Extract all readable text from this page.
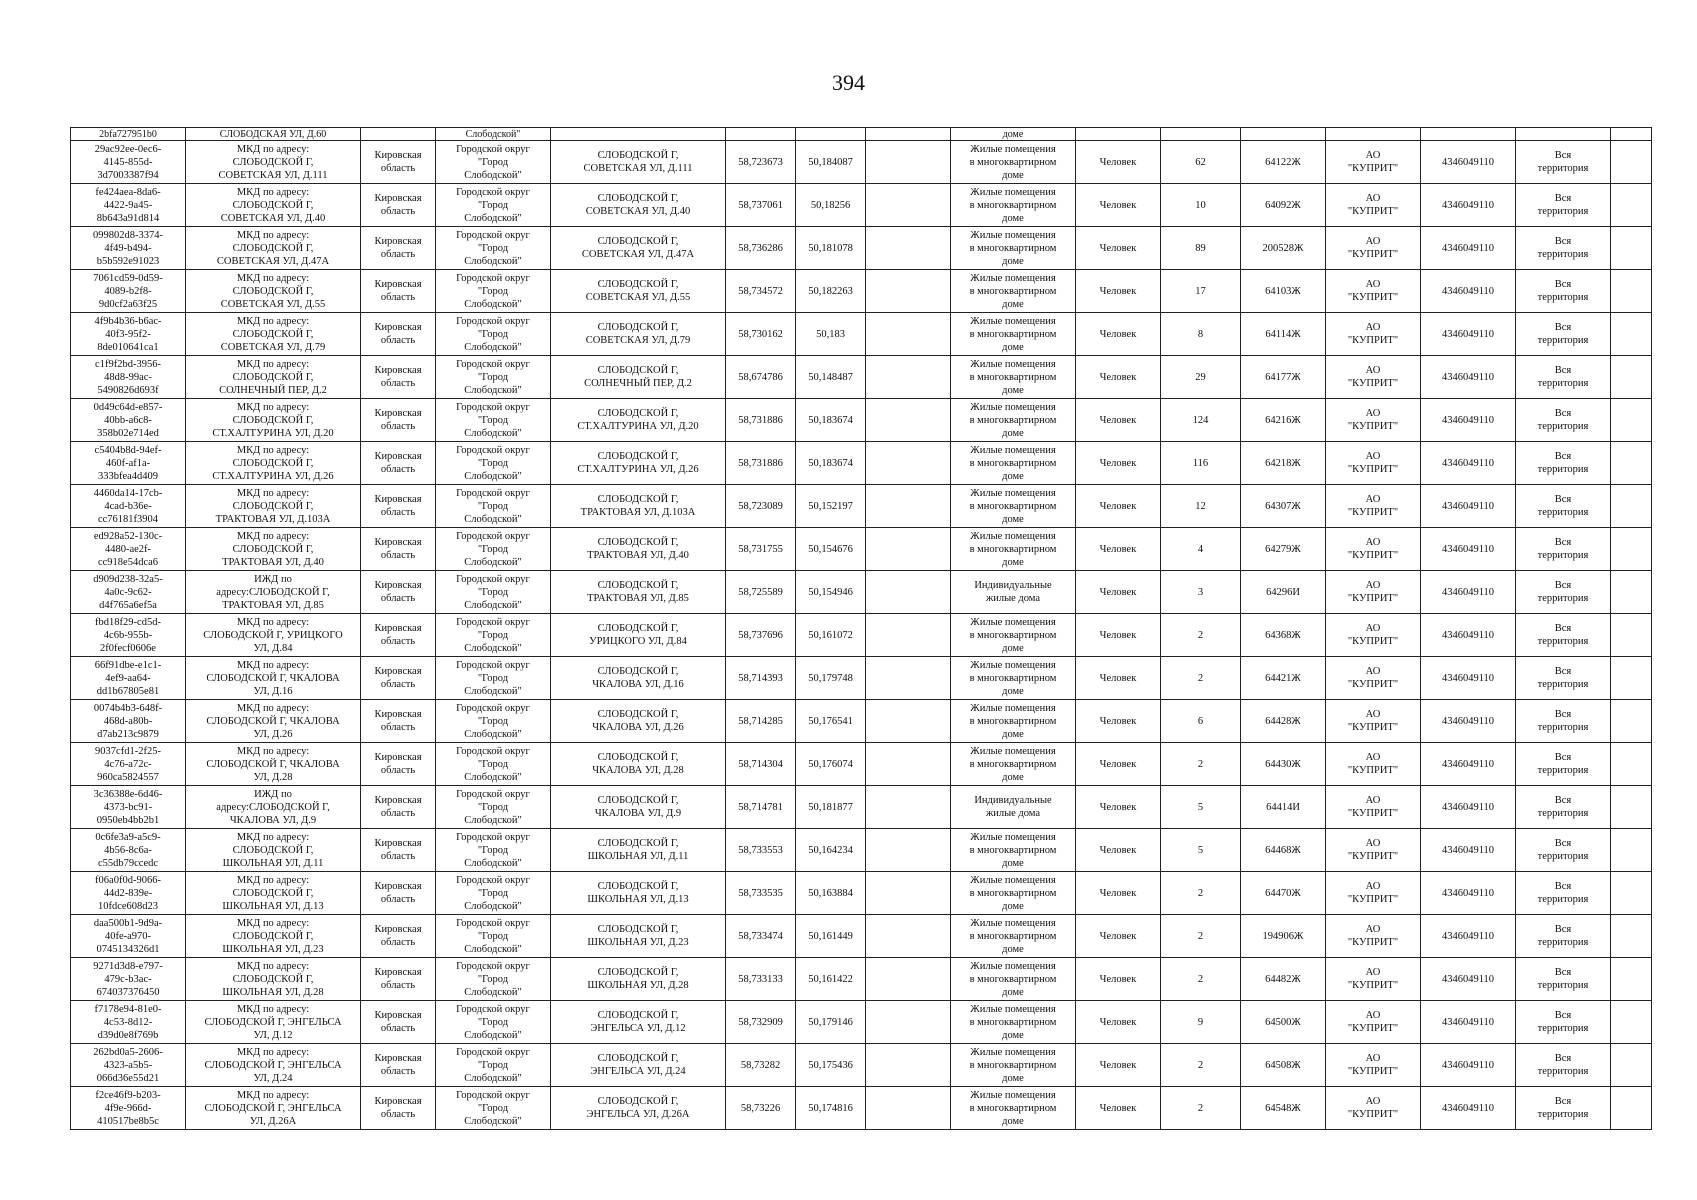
394
2bfa727951b0	СЛОБОДСКАЯ УЛ, Д.60		Слободской"					доме							

29ac92ee-0ec6-
4145-855d-
3d7003387f94	МКД по адресу:
СЛОБОДСКОЙ Г,
СОВЕТСКАЯ УЛ, Д.111	Кировская
область	Городской округ
"Город
Слободской"	СЛОБОДСКОЙ Г,
СОВЕТСКАЯ УЛ, Д.111	58,723673	50,184087		Жилые помещения
в многоквартирном
доме	Человек	62	64122Ж	АО
"КУПРИТ"	4346049110	Вся
территория	

fe424aea-8da6-
4422-9a45-
8b643a91d814	МКД по адресу:
СЛОБОДСКОЙ Г,
СОВЕТСКАЯ УЛ, Д.40	Кировская
область	Городской округ
"Город
Слободской"	СЛОБОДСКОЙ Г,
СОВЕТСКАЯ УЛ, Д.40	58,737061	50,18256		Жилые помещения
в многоквартирном
доме	Человек	10	64092Ж	АО
"КУПРИТ"	4346049110	Вся
территория	

099802d8-3374-
4f49-b494-
b5b592e91023	МКД по адресу:
СЛОБОДСКОЙ Г,
СОВЕТСКАЯ УЛ, Д.47А	Кировская
область	Городской округ
"Город
Слободской"	СЛОБОДСКОЙ Г,
СОВЕТСКАЯ УЛ, Д.47А	58,736286	50,181078		Жилые помещения
в многоквартирном
доме	Человек	89	200528Ж	АО
"КУПРИТ"	4346049110	Вся
территория	

7061cd59-0d59-
4089-b2f8-
9d0cf2a63f25	МКД по адресу:
СЛОБОДСКОЙ Г,
СОВЕТСКАЯ УЛ, Д.55	Кировская
область	Городской округ
"Город
Слободской"	СЛОБОДСКОЙ Г,
СОВЕТСКАЯ УЛ, Д.55	58,734572	50,182263		Жилые помещения
в многоквартирном
доме	Человек	17	64103Ж	АО
"КУПРИТ"	4346049110	Вся
территория	

4f9b4b36-b6ac-
40f3-95f2-
8de010641ca1	МКД по адресу:
СЛОБОДСКОЙ Г,
СОВЕТСКАЯ УЛ, Д.79	Кировская
область	Городской округ
"Город
Слободской"	СЛОБОДСКОЙ Г,
СОВЕТСКАЯ УЛ, Д.79	58,730162	50,183		Жилые помещения
в многоквартирном
доме	Человек	8	64114Ж	АО
"КУПРИТ"	4346049110	Вся
территория	

c1f9f2bd-3956-
48d8-99ac-
5490826d693f	МКД по адресу:
СЛОБОДСКОЙ Г,
СОЛНЕЧНЫЙ ПЕР, Д.2	Кировская
область	Городской округ
"Город
Слободской"	СЛОБОДСКОЙ Г,
СОЛНЕЧНЫЙ ПЕР, Д.2	58,674786	50,148487		Жилые помещения
в многоквартирном
доме	Человек	29	64177Ж	АО
"КУПРИТ"	4346049110	Вся
территория	

0d49c64d-e857-
40bb-a6c8-
358b02e714ed	МКД по адресу:
СЛОБОДСКОЙ Г,
СТ.ХАЛТУРИНА УЛ, Д.20	Кировская
область	Городской округ
"Город
Слободской"	СЛОБОДСКОЙ Г,
СТ.ХАЛТУРИНА УЛ, Д.20	58,731886	50,183674		Жилые помещения
в многоквартирном
доме	Человек	124	64216Ж	АО
"КУПРИТ"	4346049110	Вся
территория	

c5404b8d-94ef-
460f-af1a-
333bfea4d409	МКД по адресу:
СЛОБОДСКОЙ Г,
СТ.ХАЛТУРИНА УЛ, Д.26	Кировская
область	Городской округ
"Город
Слободской"	СЛОБОДСКОЙ Г,
СТ.ХАЛТУРИНА УЛ, Д.26	58,731886	50,183674		Жилые помещения
в многоквартирном
доме	Человек	116	64218Ж	АО
"КУПРИТ"	4346049110	Вся
территория	

4460da14-17cb-
4cad-b36e-
cc76181f3904	МКД по адресу:
СЛОБОДСКОЙ Г,
ТРАКТОВАЯ УЛ, Д.103А	Кировская
область	Городской округ
"Город
Слободской"	СЛОБОДСКОЙ Г,
ТРАКТОВАЯ УЛ, Д.103А	58,723089	50,152197		Жилые помещения
в многоквартирном
доме	Человек	12	64307Ж	АО
"КУПРИТ"	4346049110	Вся
территория	

ed928a52-130c-
4480-ae2f-
cc918e54dca6	МКД по адресу:
СЛОБОДСКОЙ Г,
ТРАКТОВАЯ УЛ, Д.40	Кировская
область	Городской округ
"Город
Слободской"	СЛОБОДСКОЙ Г,
ТРАКТОВАЯ УЛ, Д.40	58,731755	50,154676		Жилые помещения
в многоквартирном
доме	Человек	4	64279Ж	АО
"КУПРИТ"	4346049110	Вся
территория	

d909d238-32a5-
4a0c-9c62-
d4f765a6ef5a	ИЖД по
адресу:СЛОБОДСКОЙ Г,
ТРАКТОВАЯ УЛ, Д.85	Кировская
область	Городской округ
"Город
Слободской"	СЛОБОДСКОЙ Г,
ТРАКТОВАЯ УЛ, Д.85	58,725589	50,154946		Индивидуальные
жилые дома	Человек	3	64296И	АО
"КУПРИТ"	4346049110	Вся
территория	

fbd18f29-cd5d-
4c6b-955b-
2f0fecf0606e	МКД по адресу:
СЛОБОДСКОЙ Г, УРИЦКОГО
УЛ, Д.84	Кировская
область	Городской округ
"Город
Слободской"	СЛОБОДСКОЙ Г,
УРИЦКОГО УЛ, Д.84	58,737696	50,161072		Жилые помещения
в многоквартирном
доме	Человек	2	64368Ж	АО
"КУПРИТ"	4346049110	Вся
территория	

66f91dbe-e1c1-
4ef9-aa64-
dd1b67805e81	МКД по адресу:
СЛОБОДСКОЙ Г, ЧКАЛОВА
УЛ, Д.16	Кировская
область	Городской округ
"Город
Слободской"	СЛОБОДСКОЙ Г,
ЧКАЛОВА УЛ, Д.16	58,714393	50,179748		Жилые помещения
в многоквартирном
доме	Человек	2	64421Ж	АО
"КУПРИТ"	4346049110	Вся
территория	

0074b4b3-648f-
468d-a80b-
d7ab213c9879	МКД по адресу:
СЛОБОДСКОЙ Г, ЧКАЛОВА
УЛ, Д.26	Кировская
область	Городской округ
"Город
Слободской"	СЛОБОДСКОЙ Г,
ЧКАЛОВА УЛ, Д.26	58,714285	50,176541		Жилые помещения
в многоквартирном
доме	Человек	6	64428Ж	АО
"КУПРИТ"	4346049110	Вся
территория	

9037cfd1-2f25-
4c76-a72c-
960ca5824557	МКД по адресу:
СЛОБОДСКОЙ Г, ЧКАЛОВА
УЛ, Д.28	Кировская
область	Городской округ
"Город
Слободской"	СЛОБОДСКОЙ Г,
ЧКАЛОВА УЛ, Д.28	58,714304	50,176074		Жилые помещения
в многоквартирном
доме	Человек	2	64430Ж	АО
"КУПРИТ"	4346049110	Вся
территория	

3c36388e-6d46-
4373-bc91-
0950eb4bb2b1	ИЖД по
адресу:СЛОБОДСКОЙ Г,
ЧКАЛОВА УЛ, Д.9	Кировская
область	Городской округ
"Город
Слободской"	СЛОБОДСКОЙ Г,
ЧКАЛОВА УЛ, Д.9	58,714781	50,181877		Индивидуальные
жилые дома	Человек	5	64414И	АО
"КУПРИТ"	4346049110	Вся
территория	

0c6fe3a9-a5c9-
4b56-8c6a-
c55db79ccedc	МКД по адресу:
СЛОБОДСКОЙ Г,
ШКОЛЬНАЯ УЛ, Д.11	Кировская
область	Городской округ
"Город
Слободской"	СЛОБОДСКОЙ Г,
ШКОЛЬНАЯ УЛ, Д.11	58,733553	50,164234		Жилые помещения
в многоквартирном
доме	Человек	5	64468Ж	АО
"КУПРИТ"	4346049110	Вся
территория	

f06a0f0d-9066-
44d2-839e-
10fdce608d23	МКД по адресу:
СЛОБОДСКОЙ Г,
ШКОЛЬНАЯ УЛ, Д.13	Кировская
область	Городской округ
"Город
Слободской"	СЛОБОДСКОЙ Г,
ШКОЛЬНАЯ УЛ, Д.13	58,733535	50,163884		Жилые помещения
в многоквартирном
доме	Человек	2	64470Ж	АО
"КУПРИТ"	4346049110	Вся
территория	

daa500b1-9d9a-
40fe-a970-
0745134326d1	МКД по адресу:
СЛОБОДСКОЙ Г,
ШКОЛЬНАЯ УЛ, Д.23	Кировская
область	Городской округ
"Город
Слободской"	СЛОБОДСКОЙ Г,
ШКОЛЬНАЯ УЛ, Д.23	58,733474	50,161449		Жилые помещения
в многоквартирном
доме	Человек	2	194906Ж	АО
"КУПРИТ"	4346049110	Вся
территория	

9271d3d8-e797-
479c-b3ac-
674037376450	МКД по адресу:
СЛОБОДСКОЙ Г,
ШКОЛЬНАЯ УЛ, Д.28	Кировская
область	Городской округ
"Город
Слободской"	СЛОБОДСКОЙ Г,
ШКОЛЬНАЯ УЛ, Д.28	58,733133	50,161422		Жилые помещения
в многоквартирном
доме	Человек	2	64482Ж	АО
"КУПРИТ"	4346049110	Вся
территория	

f7178e94-81e0-
4c53-8d12-
d39d0e8f769b	МКД по адресу:
СЛОБОДСКОЙ Г, ЭНГЕЛЬСА
УЛ, Д.12	Кировская
область	Городской округ
"Город
Слободской"	СЛОБОДСКОЙ Г,
ЭНГЕЛЬСА УЛ, Д.12	58,732909	50,179146		Жилые помещения
в многоквартирном
доме	Человек	9	64500Ж	АО
"КУПРИТ"	4346049110	Вся
территория	

262bd0a5-2606-
4323-a5b5-
066d36e55d21	МКД по адресу:
СЛОБОДСКОЙ Г, ЭНГЕЛЬСА
УЛ, Д.24	Кировская
область	Городской округ
"Город
Слободской"	СЛОБОДСКОЙ Г,
ЭНГЕЛЬСА УЛ, Д.24	58,73282	50,175436		Жилые помещения
в многоквартирном
доме	Человек	2	64508Ж	АО
"КУПРИТ"	4346049110	Вся
территория	

f2ce46f9-b203-
4f9e-966d-
410517be8b5c	МКД по адресу:
СЛОБОДСКОЙ Г, ЭНГЕЛЬСА
УЛ, Д.26А	Кировская
область	Городской округ
"Город
Слободской"	СЛОБОДСКОЙ Г,
ЭНГЕЛЬСА УЛ, Д.26А	58,73226	50,174816		Жилые помещения
в многоквартирном
доме	Человек	2	64548Ж	АО
"КУПРИТ"	4346049110	Вся
территория	
